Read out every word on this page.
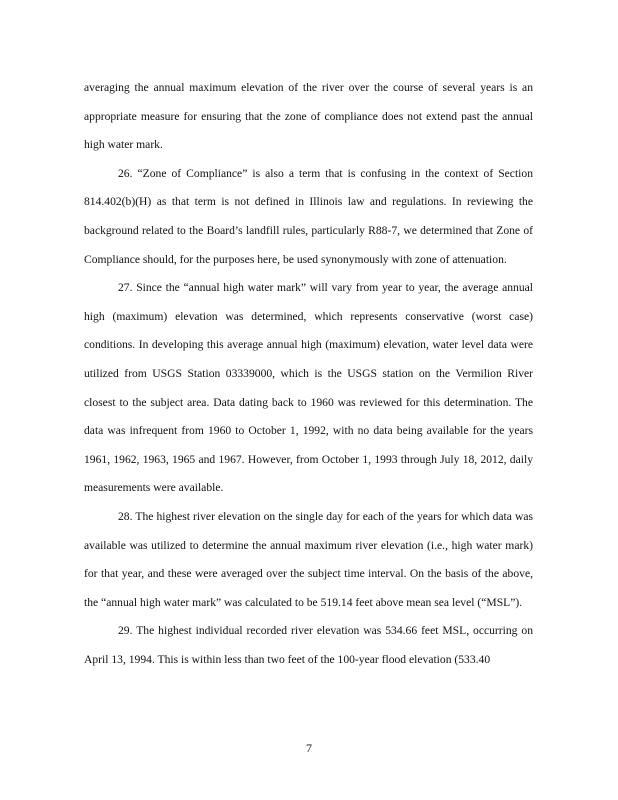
averaging the annual maximum elevation of the river over the course of several years is an appropriate measure for ensuring that the zone of compliance does not extend past the annual high water mark.

26. “Zone of Compliance” is also a term that is confusing in the context of Section 814.402(b)(H) as that term is not defined in Illinois law and regulations. In reviewing the background related to the Board’s landfill rules, particularly R88-7, we determined that Zone of Compliance should, for the purposes here, be used synonymously with zone of attenuation.

27. Since the “annual high water mark” will vary from year to year, the average annual high (maximum) elevation was determined, which represents conservative (worst case) conditions. In developing this average annual high (maximum) elevation, water level data were utilized from USGS Station 03339000, which is the USGS station on the Vermilion River closest to the subject area. Data dating back to 1960 was reviewed for this determination. The data was infrequent from 1960 to October 1, 1992, with no data being available for the years 1961, 1962, 1963, 1965 and 1967. However, from October 1, 1993 through July 18, 2012, daily measurements were available.

28. The highest river elevation on the single day for each of the years for which data was available was utilized to determine the annual maximum river elevation (i.e., high water mark) for that year, and these were averaged over the subject time interval. On the basis of the above, the “annual high water mark” was calculated to be 519.14 feet above mean sea level (“MSL”).

29. The highest individual recorded river elevation was 534.66 feet MSL, occurring on April 13, 1994. This is within less than two feet of the 100-year flood elevation (533.40

7
